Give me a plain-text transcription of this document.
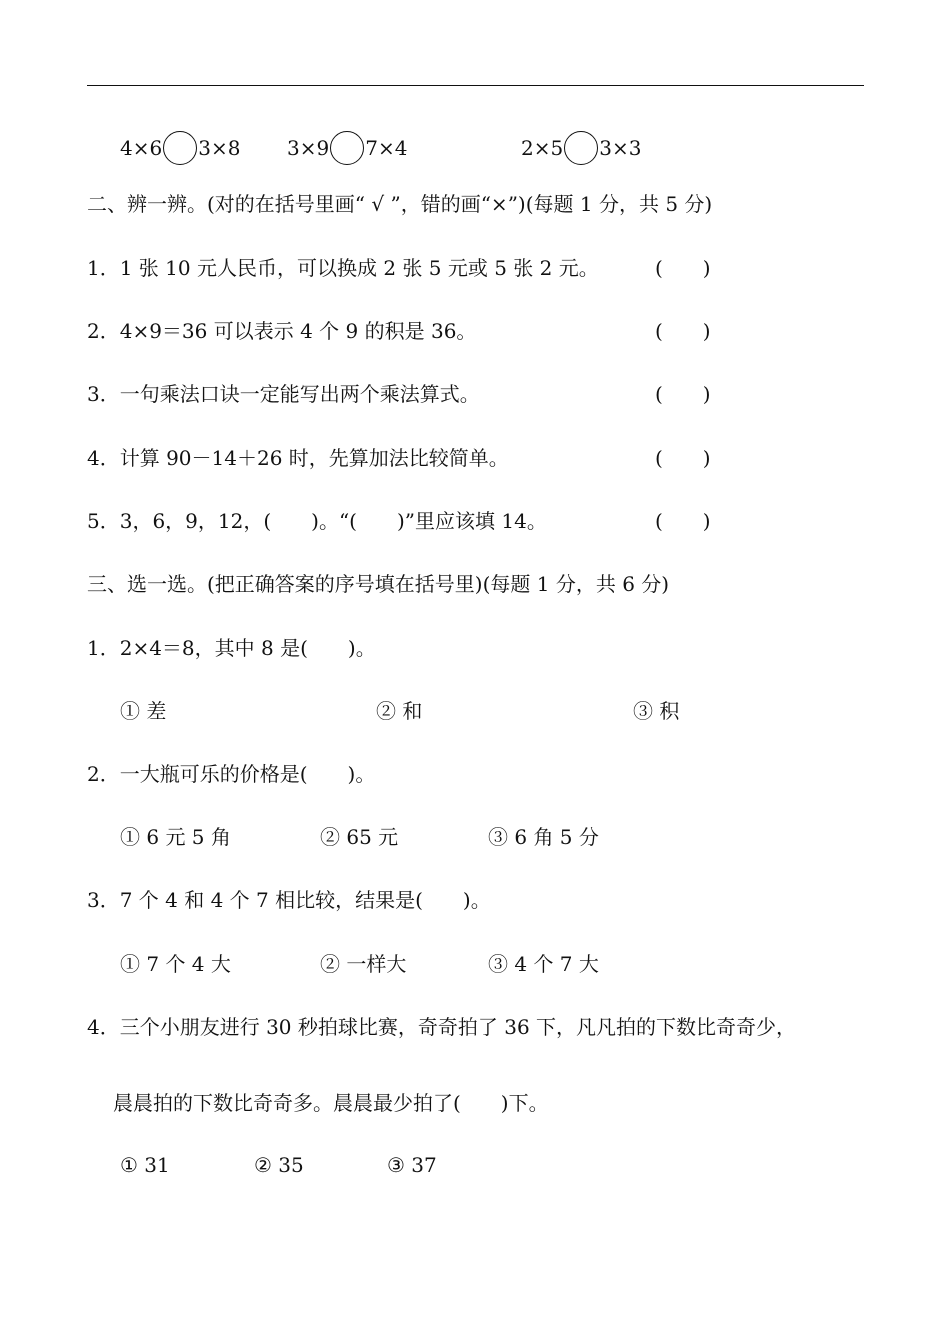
4×6 3×8 3×9 7×4	2×5 3×3
二、辨一辨。(对的在括号里画“ √ ”，错的画“×”)(每题 1 分，共 5 分)
1．1 张 10 元人民币，可以换成 2 张 5 元或 5 张 2 元。	(　　)
2．4×9＝36 可以表示 4 个 9 的积是 36。	(　　)
3．一句乘法口诀一定能写出两个乘法算式。	(　　)
4．计算 90－14＋26 时，先算加法比较简单。	(　　)
5．3，6，9，12，(　　)。“(　　)”里应该填 14。	(　　)
三、选一选。(把正确答案的序号填在括号里)(每题 1 分，共 6 分)
1．2×4＝8，其中 8 是(　　)。
① 差	② 和	③ 积
2．一大瓶可乐的价格是(　　)。
① 6 元 5 角	② 65 元	③ 6 角 5 分
3．7 个 4 和 4 个 7 相比较，结果是(　　)。
① 7 个 4 大	② 一样大	③ 4 个 7 大
4．三个小朋友进行 30 秒拍球比赛，奇奇拍了 36 下，凡凡拍的下数比奇奇少，
晨晨拍的下数比奇奇多。晨晨最少拍了(　　)下。
① 31	② 35	③ 37
